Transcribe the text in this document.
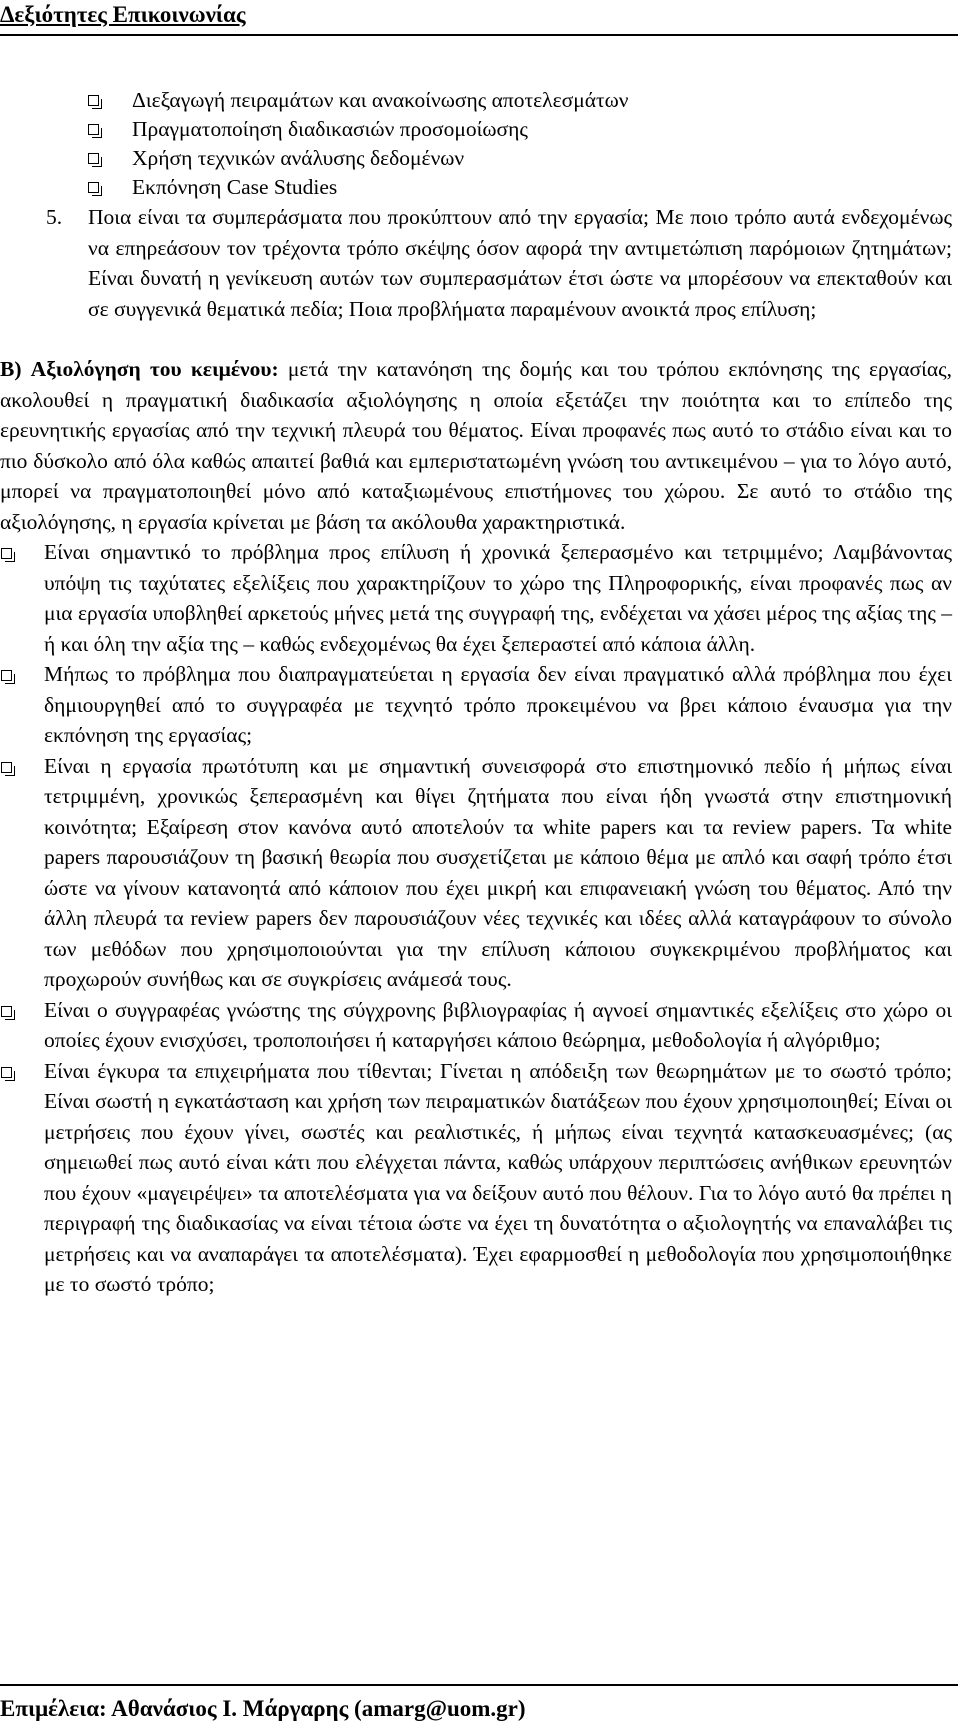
Δεξιότητες Επικοινωνίας
Διεξαγωγή πειραμάτων και ανακοίνωσης αποτελεσμάτων
Πραγματοποίηση διαδικασιών προσομοίωσης
Χρήση τεχνικών ανάλυσης δεδομένων
Εκπόνηση Case Studies
5. Ποια είναι τα συμπεράσματα που προκύπτουν από την εργασία; Με ποιο τρόπο αυτά ενδεχομένως να επηρεάσουν τον τρέχοντα τρόπο σκέψης όσον αφορά την αντιμετώπιση παρόμοιων ζητημάτων; Είναι δυνατή η γενίκευση αυτών των συμπερασμάτων έτσι ώστε να μπορέσουν να επεκταθούν και σε συγγενικά θεματικά πεδία; Ποια προβλήματα παραμένουν ανοικτά προς επίλυση;
B) Αξιολόγηση του κειμένου: μετά την κατανόηση της δομής και του τρόπου εκπόνησης της εργασίας, ακολουθεί η πραγματική διαδικασία αξιολόγησης η οποία εξετάζει την ποιότητα και το επίπεδο της ερευνητικής εργασίας από την τεχνική πλευρά του θέματος. Είναι προφανές πως αυτό το στάδιο είναι και το πιο δύσκολο από όλα καθώς απαιτεί βαθιά και εμπεριστατωμένη γνώση του αντικειμένου – για το λόγο αυτό, μπορεί να πραγματοποιηθεί μόνο από καταξιωμένους επιστήμονες του χώρου. Σε αυτό το στάδιο της αξιολόγησης, η εργασία κρίνεται με βάση τα ακόλουθα χαρακτηριστικά.
Είναι σημαντικό το πρόβλημα προς επίλυση ή χρονικά ξεπερασμένο και τετριμμένο; Λαμβάνοντας υπόψη τις ταχύτατες εξελίξεις που χαρακτηρίζουν το χώρο της Πληροφορικής, είναι προφανές πως αν μια εργασία υποβληθεί αρκετούς μήνες μετά της συγγραφή της, ενδέχεται να χάσει μέρος της αξίας της – ή και όλη την αξία της – καθώς ενδεχομένως θα έχει ξεπεραστεί από κάποια άλλη.
Μήπως το πρόβλημα που διαπραγματεύεται η εργασία δεν είναι πραγματικό αλλά πρόβλημα που έχει δημιουργηθεί από το συγγραφέα με τεχνητό τρόπο προκειμένου να βρει κάποιο έναυσμα για την εκπόνηση της εργασίας;
Είναι η εργασία πρωτότυπη και με σημαντική συνεισφορά στο επιστημονικό πεδίο ή μήπως είναι τετριμμένη, χρονικώς ξεπερασμένη και θίγει ζητήματα που είναι ήδη γνωστά στην επιστημονική κοινότητα; Εξαίρεση στον κανόνα αυτό αποτελούν τα white papers και τα review papers. Τα white papers παρουσιάζουν τη βασική θεωρία που συσχετίζεται με κάποιο θέμα με απλό και σαφή τρόπο έτσι ώστε να γίνουν κατανοητά από κάποιον που έχει μικρή και επιφανειακή γνώση του θέματος. Από την άλλη πλευρά τα review papers δεν παρουσιάζουν νέες τεχνικές και ιδέες αλλά καταγράφουν το σύνολο των μεθόδων που χρησιμοποιούνται για την επίλυση κάποιου συγκεκριμένου προβλήματος και προχωρούν συνήθως και σε συγκρίσεις ανάμεσά τους.
Είναι ο συγγραφέας γνώστης της σύγχρονης βιβλιογραφίας ή αγνοεί σημαντικές εξελίξεις στο χώρο οι οποίες έχουν ενισχύσει, τροποποιήσει ή καταργήσει κάποιο θεώρημα, μεθοδολογία ή αλγόριθμο;
Είναι έγκυρα τα επιχειρήματα που τίθενται; Γίνεται η απόδειξη των θεωρημάτων με το σωστό τρόπο; Είναι σωστή η εγκατάσταση και χρήση των πειραματικών διατάξεων που έχουν χρησιμοποιηθεί; Είναι οι μετρήσεις που έχουν γίνει, σωστές και ρεαλιστικές, ή μήπως είναι τεχνητά κατασκευασμένες; (ας σημειωθεί πως αυτό είναι κάτι που ελέγχεται πάντα, καθώς υπάρχουν περιπτώσεις ανήθικων ερευνητών που έχουν «μαγειρέψει» τα αποτελέσματα για να δείξουν αυτό που θέλουν. Για το λόγο αυτό θα πρέπει η περιγραφή της διαδικασίας να είναι τέτοια ώστε να έχει τη δυνατότητα ο αξιολογητής να επαναλάβει τις μετρήσεις και να αναπαράγει τα αποτελέσματα). Έχει εφαρμοσθεί η μεθοδολογία που χρησιμοποιήθηκε με το σωστό τρόπο;
Επιμέλεια: Αθανάσιος Ι. Μάργαρης (amarg@uom.gr)
